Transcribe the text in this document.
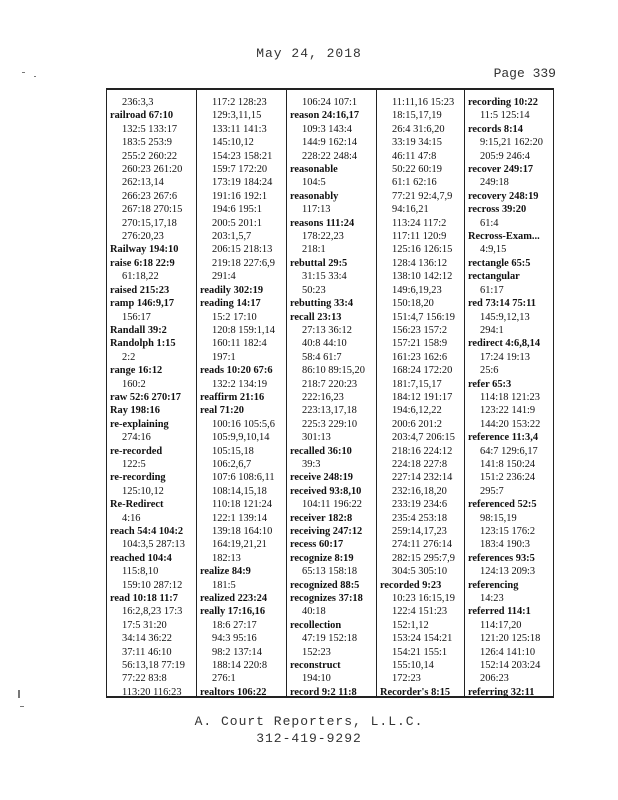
May 24, 2018
Page 339
236:3,3
railroad 67:10
132:5 133:17
183:5 253:9
255:2 260:22
260:23 261:20
262:13,14
266:23 267:6
267:18 270:15
270:15,17,18
276:20,23
Railway 194:10
raise 6:18 22:9
61:18,22
raised 215:23
ramp 146:9,17
156:17
Randall 39:2
Randolph 1:15
2:2
range 16:12
160:2
raw 52:6 270:17
Ray 198:16
re-explaining
274:16
re-recorded
122:5
re-recording
125:10,12
Re-Redirect
4:16
reach 54:4 104:2
104:3,5 287:13
reached 104:4
115:8,10
159:10 287:12
read 10:18 11:7
16:2,8,23 17:3
17:5 31:20
34:14 36:22
37:11 46:10
56:13,18 77:19
77:22 83:8
113:20 116:23
117:2 128:23
129:3,11,15
133:11 141:3
145:10,12
154:23 158:21
159:7 172:20
173:19 184:24
191:16 192:1
194:6 195:1
200:5 201:1
203:1,5,7
206:15 218:13
219:18 227:6,9
291:4
readily 302:19
reading 14:17
15:2 17:10
120:8 159:1,14
160:11 182:4
197:1
reads 10:20 67:6
132:2 134:19
reaffirm 21:16
real 71:20
100:16 105:5,6
105:9,9,10,14
105:15,18
106:2,6,7
107:6 108:6,11
108:14,15,18
110:18 121:24
122:1 139:14
139:18 164:10
164:19,21,21
182:13
realize 84:9
181:5
realized 223:24
really 17:16,16
18:6 27:17
94:3 95:16
98:2 137:14
188:14 220:8
276:1
realtors 106:22
106:24 107:1
reason 24:16,17
109:3 143:4
144:9 162:14
228:22 248:4
reasonable
104:5
reasonably
117:13
reasons 111:24
178:22,23
218:1
rebuttal 29:5
31:15 33:4
50:23
rebutting 33:4
recall 23:13
27:13 36:12
40:8 44:10
58:4 61:7
86:10 89:15,20
218:7 220:23
222:16,23
223:13,17,18
225:3 229:10
301:13
recalled 36:10
39:3
receive 248:19
received 93:8,10
104:11 196:22
receiver 182:8
receiving 247:12
recess 60:17
recognize 8:19
65:13 158:18
recognized 88:5
recognizes 37:18
40:18
recollection
47:19 152:18
152:23
reconstruct
194:10
record 9:2 11:8
11:11,16 15:23
18:15,17,19
26:4 31:6,20
33:19 34:15
46:11 47:8
50:22 60:19
61:1 62:16
77:21 92:4,7,9
94:16,21
113:24 117:2
117:11 120:9
125:16 126:15
128:4 136:12
138:10 142:12
149:6,19,23
150:18,20
151:4,7 156:19
156:23 157:2
157:21 158:9
161:23 162:6
168:24 172:20
181:7,15,17
184:12 191:17
194:6,12,22
200:6 201:2
203:4,7 206:15
218:16 224:12
224:18 227:8
227:14 232:14
232:16,18,20
233:19 234:6
235:4 253:18
259:14,17,23
274:11 276:14
282:15 295:7,9
304:5 305:10
recorded 9:23
10:23 16:15,19
122:4 151:23
152:1,12
153:24 154:21
154:21 155:1
155:10,14
172:23
Recorder's 8:15
recording 10:22
11:5 125:14
records 8:14
9:15,21 162:20
205:9 246:4
recover 249:17
249:18
recovery 248:19
recross 39:20
61:4
Recross-Exam...
4:9,15
rectangle 65:5
rectangular
61:17
red 73:14 75:11
145:9,12,13
294:1
redirect 4:6,8,14
17:24 19:13
25:6
refer 65:3
114:18 121:23
123:22 141:9
144:20 153:22
reference 11:3,4
64:7 129:6,17
141:8 150:24
151:2 236:24
295:7
referenced 52:5
98:15,19
123:15 176:2
183:4 190:3
references 93:5
124:13 209:3
referencing
14:23
referred 114:1
114:17,20
121:20 125:18
126:4 141:10
152:14 203:24
206:23
referring 32:11
A. Court Reporters, L.L.C.
312-419-9292
